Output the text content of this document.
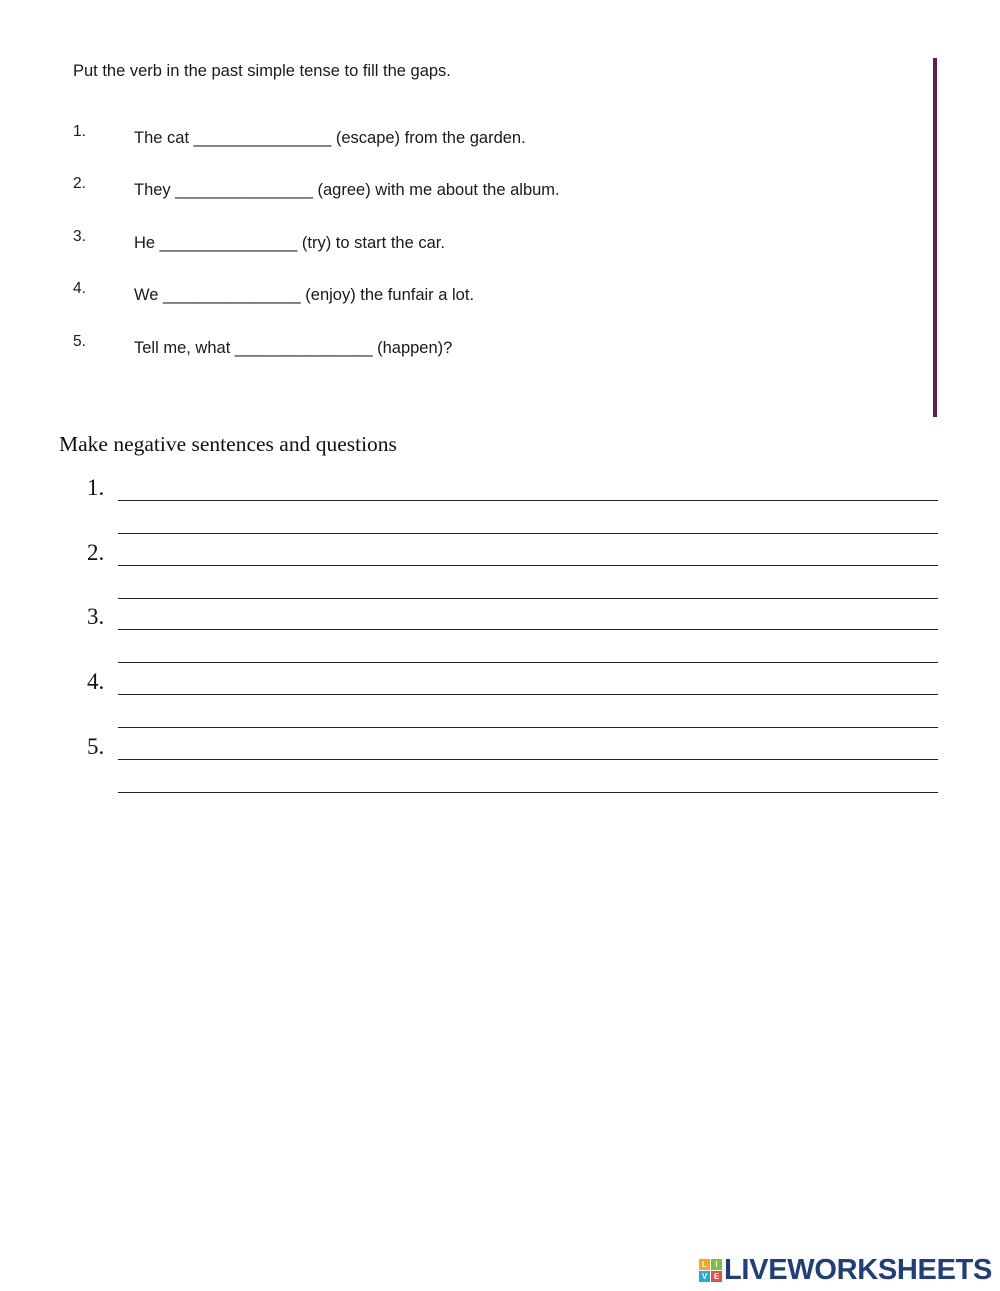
Put the verb in the past simple tense to fill the gaps.
1.	The cat _______________ (escape) from the garden.
2.	They _______________ (agree) with me about the album.
3.	He _______________ (try) to start the car.
4.	We _______________ (enjoy) the funfair a lot.
5.	Tell me, what _______________ (happen)?
Make negative sentences and questions
1.
2.
3.
4.
5.
L	I
V E LIVEWORKSHEETS
